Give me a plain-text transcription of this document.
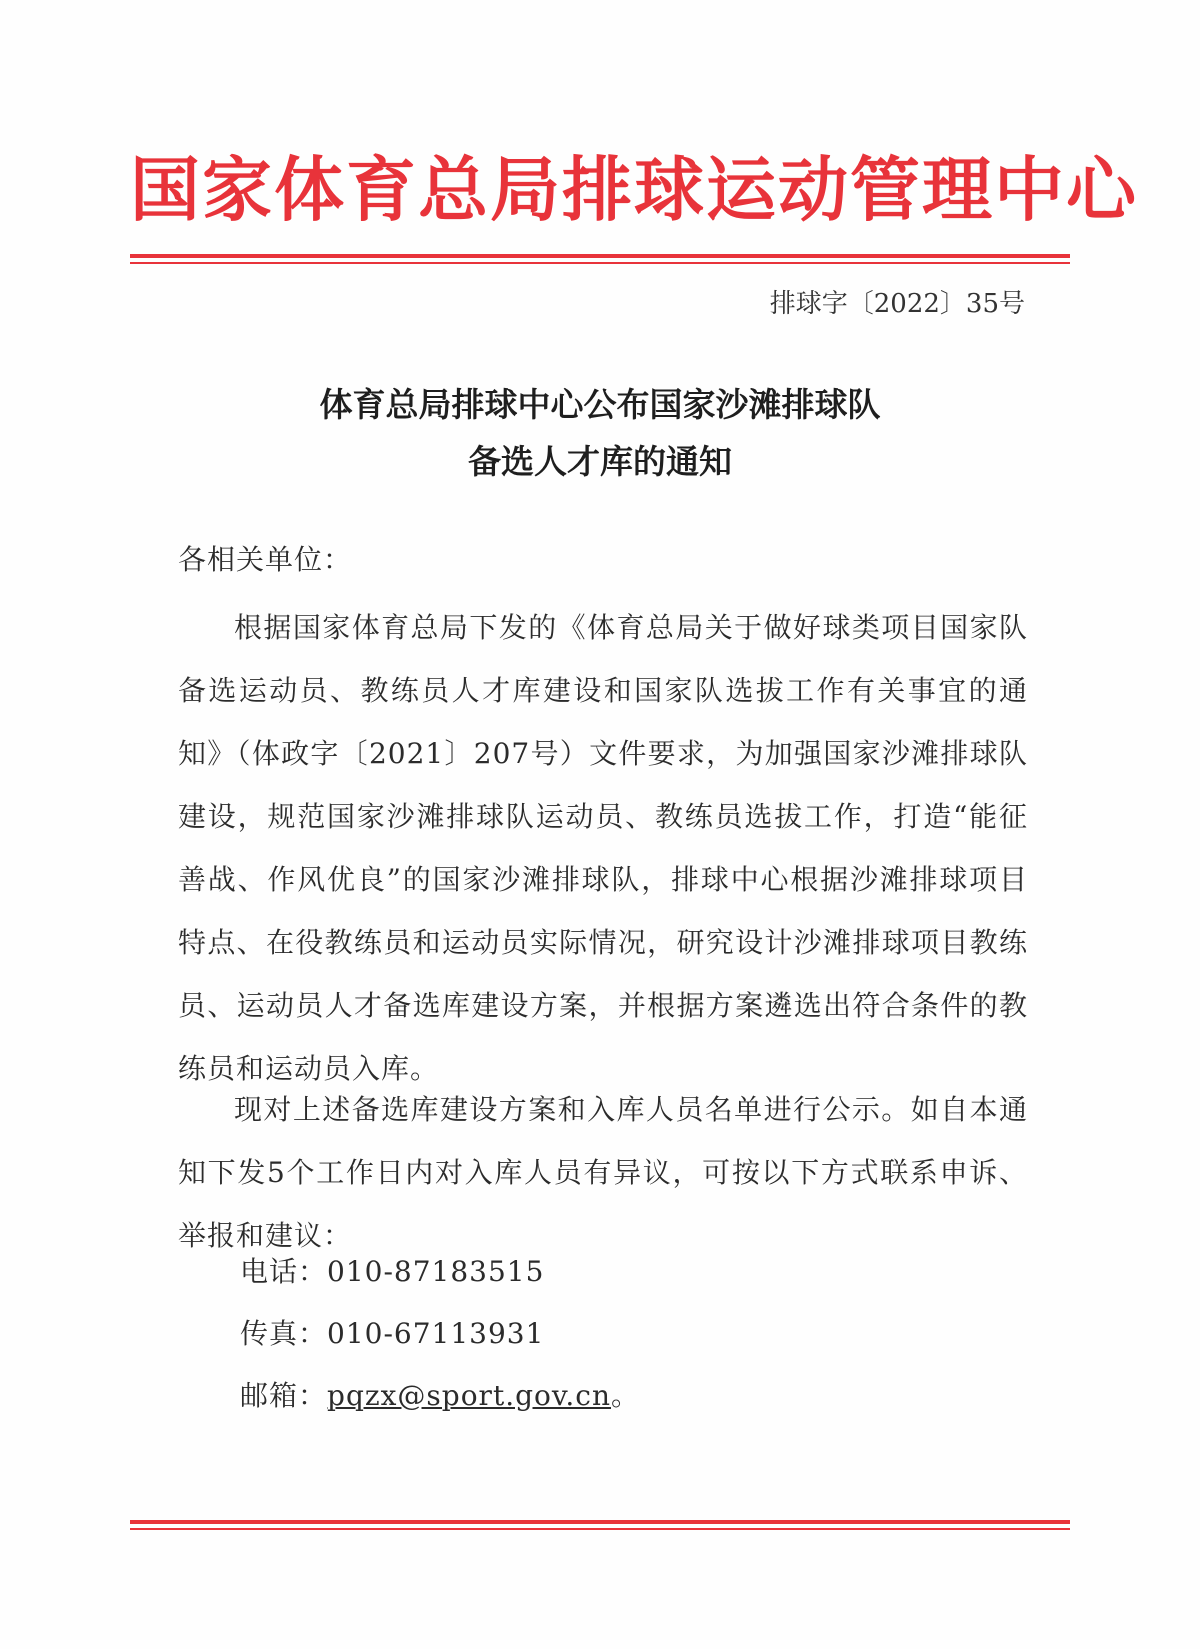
国家体育总局排球运动管理中心
排球字〔2022〕35号
体育总局排球中心公布国家沙滩排球队
备选人才库的通知
各相关单位：
根据国家体育总局下发的《体育总局关于做好球类项目国家队备选运动员、教练员人才库建设和国家队选拔工作有关事宜的通知》（体政字〔2021〕207号）文件要求，为加强国家沙滩排球队建设，规范国家沙滩排球队运动员、教练员选拔工作，打造“能征善战、作风优良”的国家沙滩排球队，排球中心根据沙滩排球项目特点、在役教练员和运动员实际情况，研究设计沙滩排球项目教练员、运动员人才备选库建设方案，并根据方案遴选出符合条件的教练员和运动员入库。
现对上述备选库建设方案和入库人员名单进行公示。如自本通知下发5个工作日内对入库人员有异议，可按以下方式联系申诉、举报和建议：
电话：010-87183515
传真：010-67113931
邮箱：pqzx@sport.gov.cn。
